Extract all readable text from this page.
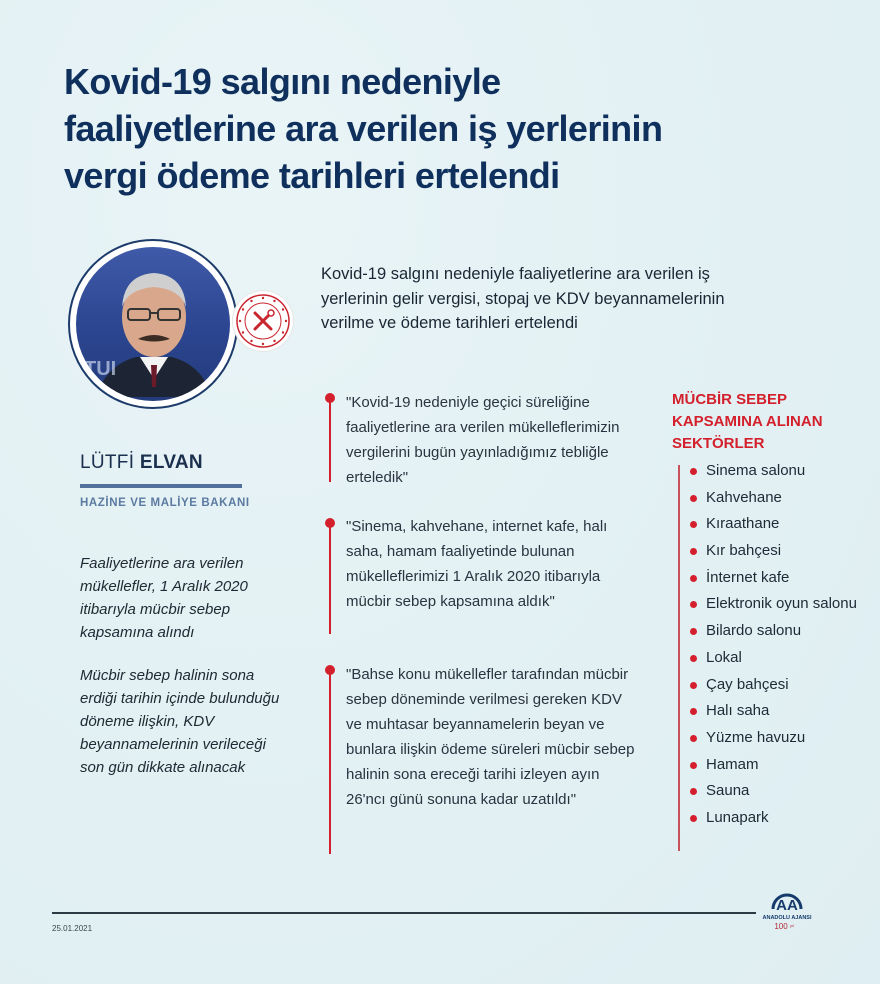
Kovid-19 salgını nedeniyle
faaliyetlerine ara verilen iş yerlerinin
vergi ödeme tarihleri ertelendi
TUI
LÜTFİ ELVAN
HAZİNE VE MALİYE BAKANI

Faaliyetlerine ara verilen mükellefler, 1 Aralık 2020 itibarıyla mücbir sebep kapsamına alındı

Mücbir sebep halinin sona erdiği tarihin içinde bulunduğu döneme ilişkin, KDV beyannamelerinin verileceği son gün dikkate alınacak

Kovid-19 salgını nedeniyle faaliyetlerine ara verilen iş yerlerinin gelir vergisi, stopaj ve KDV beyannamelerinin verilme ve ödeme tarihleri ertelendi

"Kovid-19 nedeniyle geçici süreliğine faaliyetlerine ara verilen mükelleflerimizin vergilerini bugün yayınladığımız tebliğle erteledik"

"Sinema, kahvehane, internet kafe, halı saha, hamam faaliyetinde bulunan mükelleflerimizi 1 Aralık 2020 itibarıyla mücbir sebep kapsamına aldık"

"Bahse konu mükellefler tarafından mücbir sebep döneminde verilmesi gereken KDV ve muhtasar beyannamelerin beyan ve bunlara ilişkin ödeme süreleri mücbir sebep halinin sona ereceği tarihi izleyen ayın 26'ncı günü sonuna kadar uzatıldı"

MÜCBİR SEBEP KAPSAMINA ALINAN SEKTÖRLER
Sinema salonu
Kahvehane
Kıraathane
Kır bahçesi
İnternet kafe
Elektronik oyun salonu
Bilardo salonu
Lokal
Çay bahçesi
Halı saha
Yüzme havuzu
Hamam
Sauna
Lunapark
25.01.2021
AA
ANADOLU AJANSI
100 yıl
